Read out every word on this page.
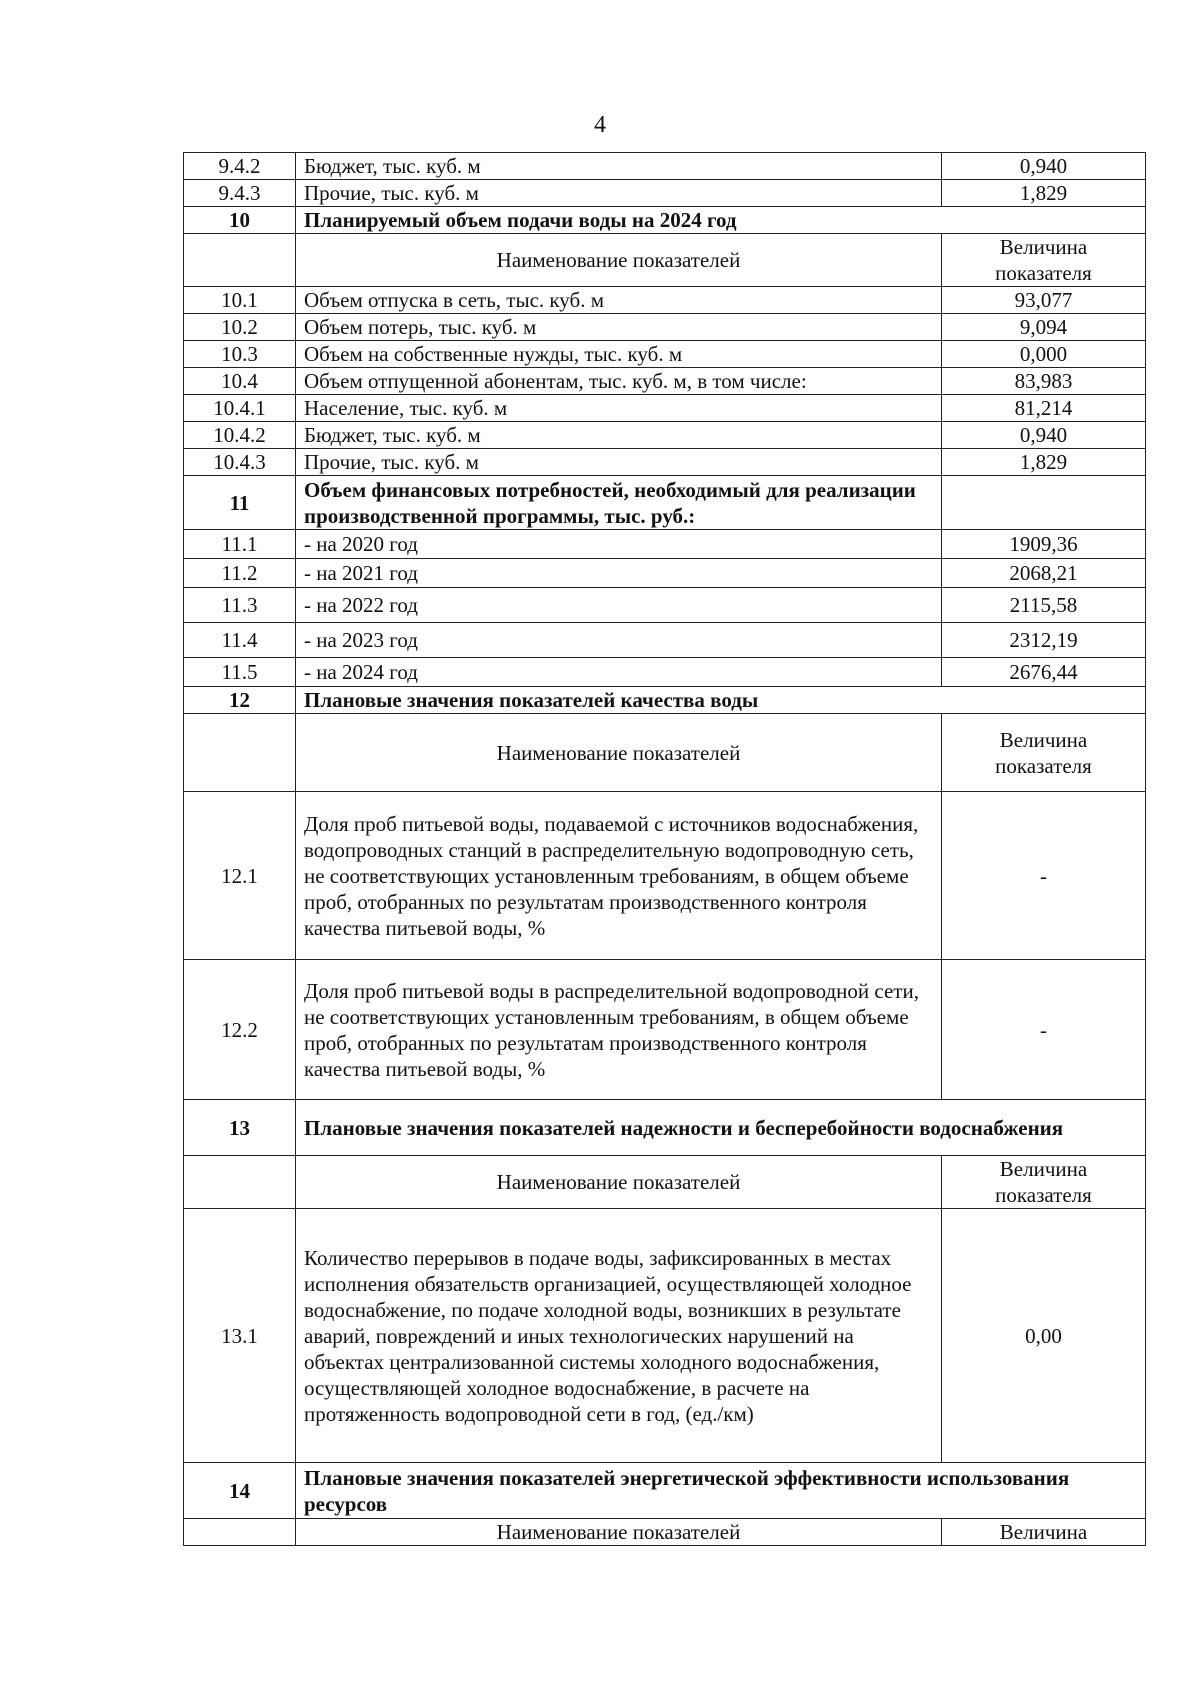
4
9.4.2	Бюджет, тыс. куб. м	0,940
9.4.3	Прочие, тыс. куб. м	1,829
10	Планируемый объем подачи воды на 2024 год	
	Наименование показателей	Величина показателя
10.1	Объем отпуска в сеть, тыс. куб. м	93,077
10.2	Объем потерь, тыс. куб. м	9,094
10.3	Объем на собственные нужды, тыс. куб. м	0,000
10.4	Объем отпущенной абонентам, тыс. куб. м, в том числе:	83,983
10.4.1	Население, тыс. куб. м	81,214
10.4.2	Бюджет, тыс. куб. м	0,940
10.4.3	Прочие, тыс. куб. м	1,829
11	Объем финансовых потребностей, необходимый для реализации производственной программы, тыс. руб.:	
11.1	- на 2020 год	1909,36
11.2	- на 2021 год	2068,21
11.3	- на 2022 год	2115,58
11.4	- на 2023 год	2312,19
11.5	- на 2024 год	2676,44
12	Плановые значения показателей качества воды	
	Наименование показателей	Величина показателя
12.1	Доля проб питьевой воды, подаваемой с источников водоснабжения, водопроводных станций в распределительную водопроводную сеть, не соответствующих установленным требованиям, в общем объеме проб, отобранных по результатам производственного контроля качества питьевой воды, %	-
12.2	Доля проб питьевой воды в распределительной водопроводной сети, не соответствующих установленным требованиям, в общем объеме проб, отобранных по результатам производственного контроля качества питьевой воды, %	-
13	Плановые значения показателей надежности и бесперебойности водоснабжения	
	Наименование показателей	Величина показателя
13.1	Количество перерывов в подаче воды, зафиксированных в местах исполнения обязательств организацией, осуществляющей холодное водоснабжение, по подаче холодной воды, возникших в результате аварий, повреждений и иных технологических нарушений на объектах централизованной системы холодного водоснабжения, осуществляющей холодное водоснабжение, в расчете на протяженность водопроводной сети в год, (ед./км)	0,00
14	Плановые значения показателей энергетической эффективности использования ресурсов	
	Наименование показателей	Величина
